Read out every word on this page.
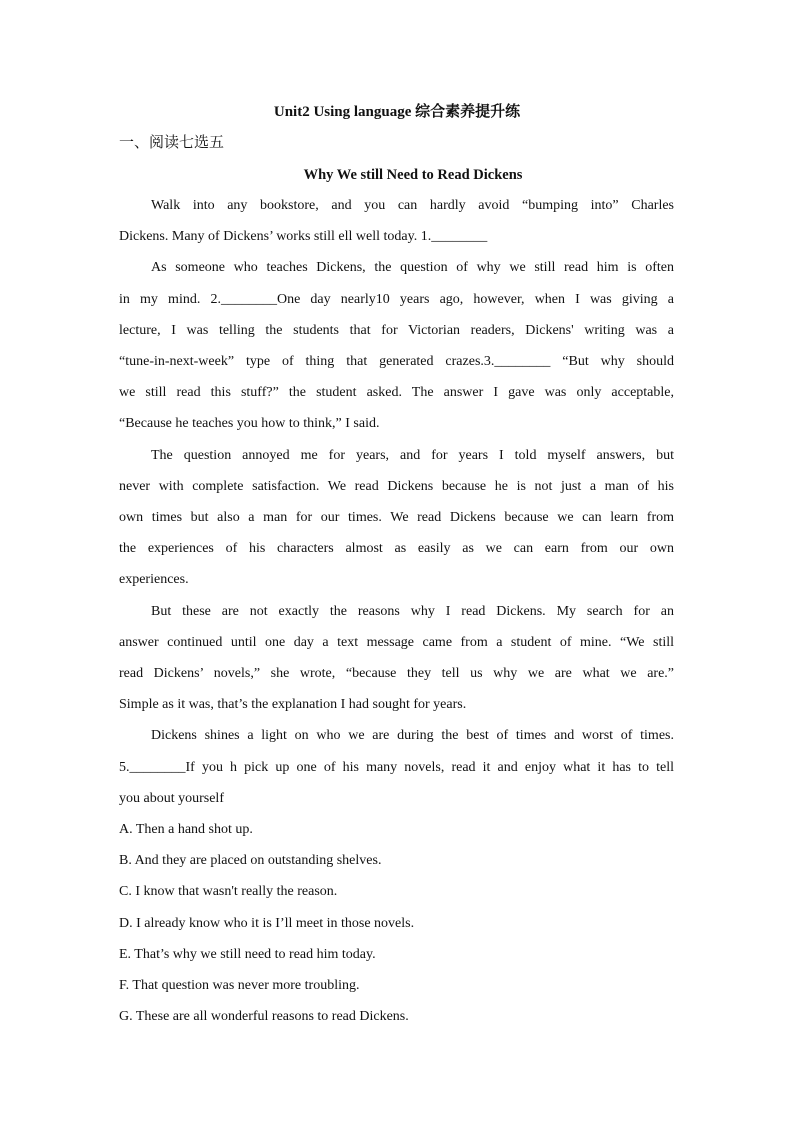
Unit2 Using language 综合素养提升练
一、阅读七选五
Why We still Need to Read Dickens
Walk into any bookstore, and you can hardly avoid “bumping into” Charles
Dickens. Many of Dickens’ works still ell well today. 1.________
As someone who teaches Dickens, the question of why we still read him is often
in my mind. 2.________One day nearly10 years ago, however, when I was giving a
lecture, I was telling the students that for Victorian readers, Dickens' writing was a
“tune-in-next-week” type of thing that generated crazes.3.________ “But why should
we still read this stuff?” the student asked. The answer I gave was only acceptable,
“Because he teaches you how to think,” I said.
The question annoyed me for years, and for years I told myself answers, but
never with complete satisfaction. We read Dickens because he is not just a man of his
own times but also a man for our times. We read Dickens because we can learn from
the experiences of his characters almost as easily as we can earn from our own
experiences.
But these are not exactly the reasons why I read Dickens. My search for an
answer continued until one day a text message came from a student of mine. “We still
read Dickens’ novels,” she wrote, “because they tell us why we are what we are.”
Simple as it was, that’s the explanation I had sought for years.
Dickens shines a light on who we are during the best of times and worst of times.
5.________If you h pick up one of his many novels, read it and enjoy what it has to tell
you about yourself
A. Then a hand shot up.
B. And they are placed on outstanding shelves.
C. I know that wasn't really the reason.
D. I already know who it is I’ll meet in those novels.
E. That’s why we still need to read him today.
F. That question was never more troubling.
G. These are all wonderful reasons to read Dickens.
